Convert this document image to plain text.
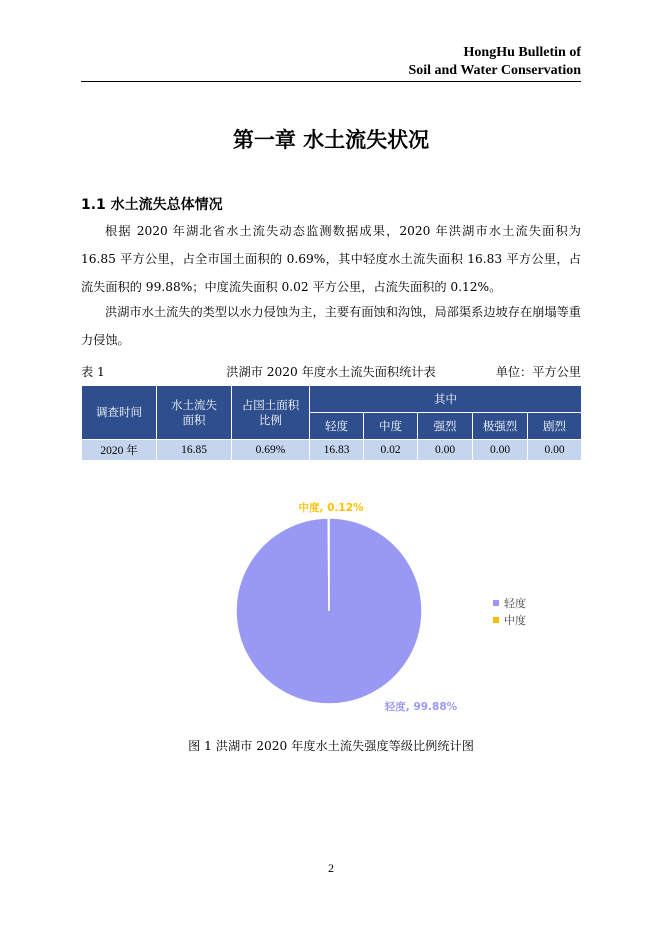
HongHu Bulletin of
Soil and Water Conservation
第一章 水土流失状况
1.1 水土流失总体情况
根据 2020 年湖北省水土流失动态监测数据成果，2020 年洪湖市水土流失面积为 16.85 平方公里，占全市国土面积的 0.69%，其中轻度水土流失面积 16.83 平方公里，占流失面积的 99.88%；中度流失面积 0.02 平方公里，占流失面积的 0.12%。
洪湖市水土流失的类型以水力侵蚀为主，主要有面蚀和沟蚀，局部渠系边坡存在崩塌等重力侵蚀。
洪湖市 2020 年度水土流失面积统计表
表 1	单位：平方公里
调查时间	水土流失面积	占国土面积比例	其中				
			轻度	中度	强烈	极强烈	剧烈
2020 年	16.85	0.69%	16.83	0.02	0.00	0.00	0.00
轻度, 99.88%
中度, 0.12%
轻度
中度
图 1 洪湖市 2020 年度水土流失强度等级比例统计图
2
